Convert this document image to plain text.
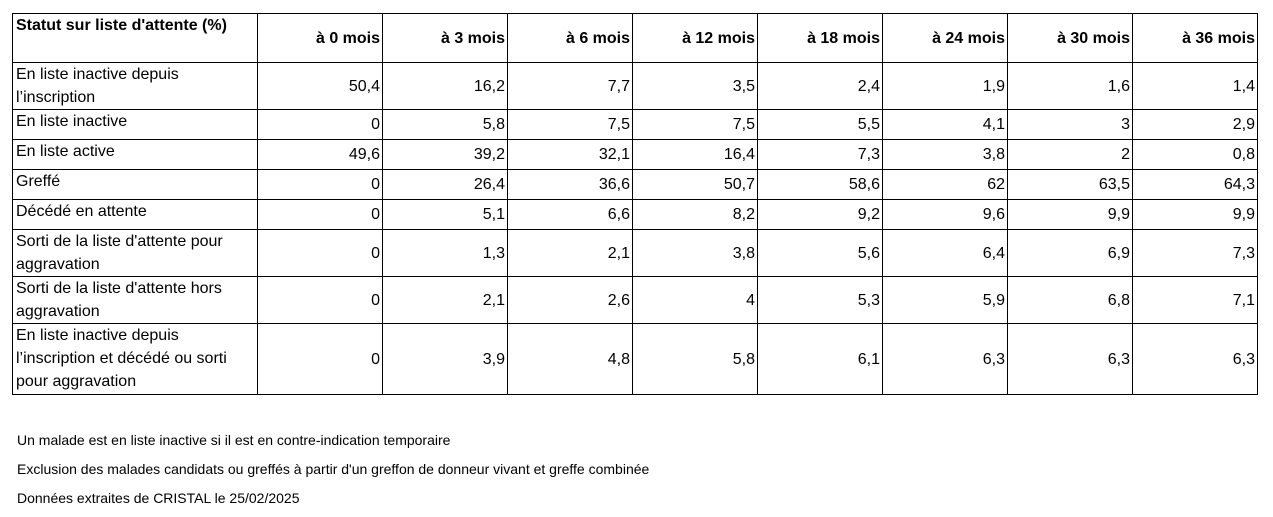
Statut sur liste d'attente (%)	à 0 mois	à 3 mois	à 6 mois	à 12 mois	à 18 mois	à 24 mois	à 30 mois	à 36 mois
En liste inactive depuis l’inscription	50,4	16,2	7,7	3,5	2,4	1,9	1,6	1,4
En liste inactive	0	5,8	7,5	7,5	5,5	4,1	3	2,9
En liste active	49,6	39,2	32,1	16,4	7,3	3,8	2	0,8
Greffé	0	26,4	36,6	50,7	58,6	62	63,5	64,3
Décédé en attente	0	5,1	6,6	8,2	9,2	9,6	9,9	9,9
Sorti de la liste d'attente pour aggravation	0	1,3	2,1	3,8	5,6	6,4	6,9	7,3
Sorti de la liste d'attente hors aggravation	0	2,1	2,6	4	5,3	5,9	6,8	7,1
En liste inactive depuis l’inscription et décédé ou sorti pour aggravation	0	3,9	4,8	5,8	6,1	6,3	6,3	6,3
Un malade est en liste inactive si il est en contre-indication temporaire
Exclusion des malades candidats ou greffés à partir d'un greffon de donneur vivant et greffe combinée
Données extraites de CRISTAL le 25/02/2025
